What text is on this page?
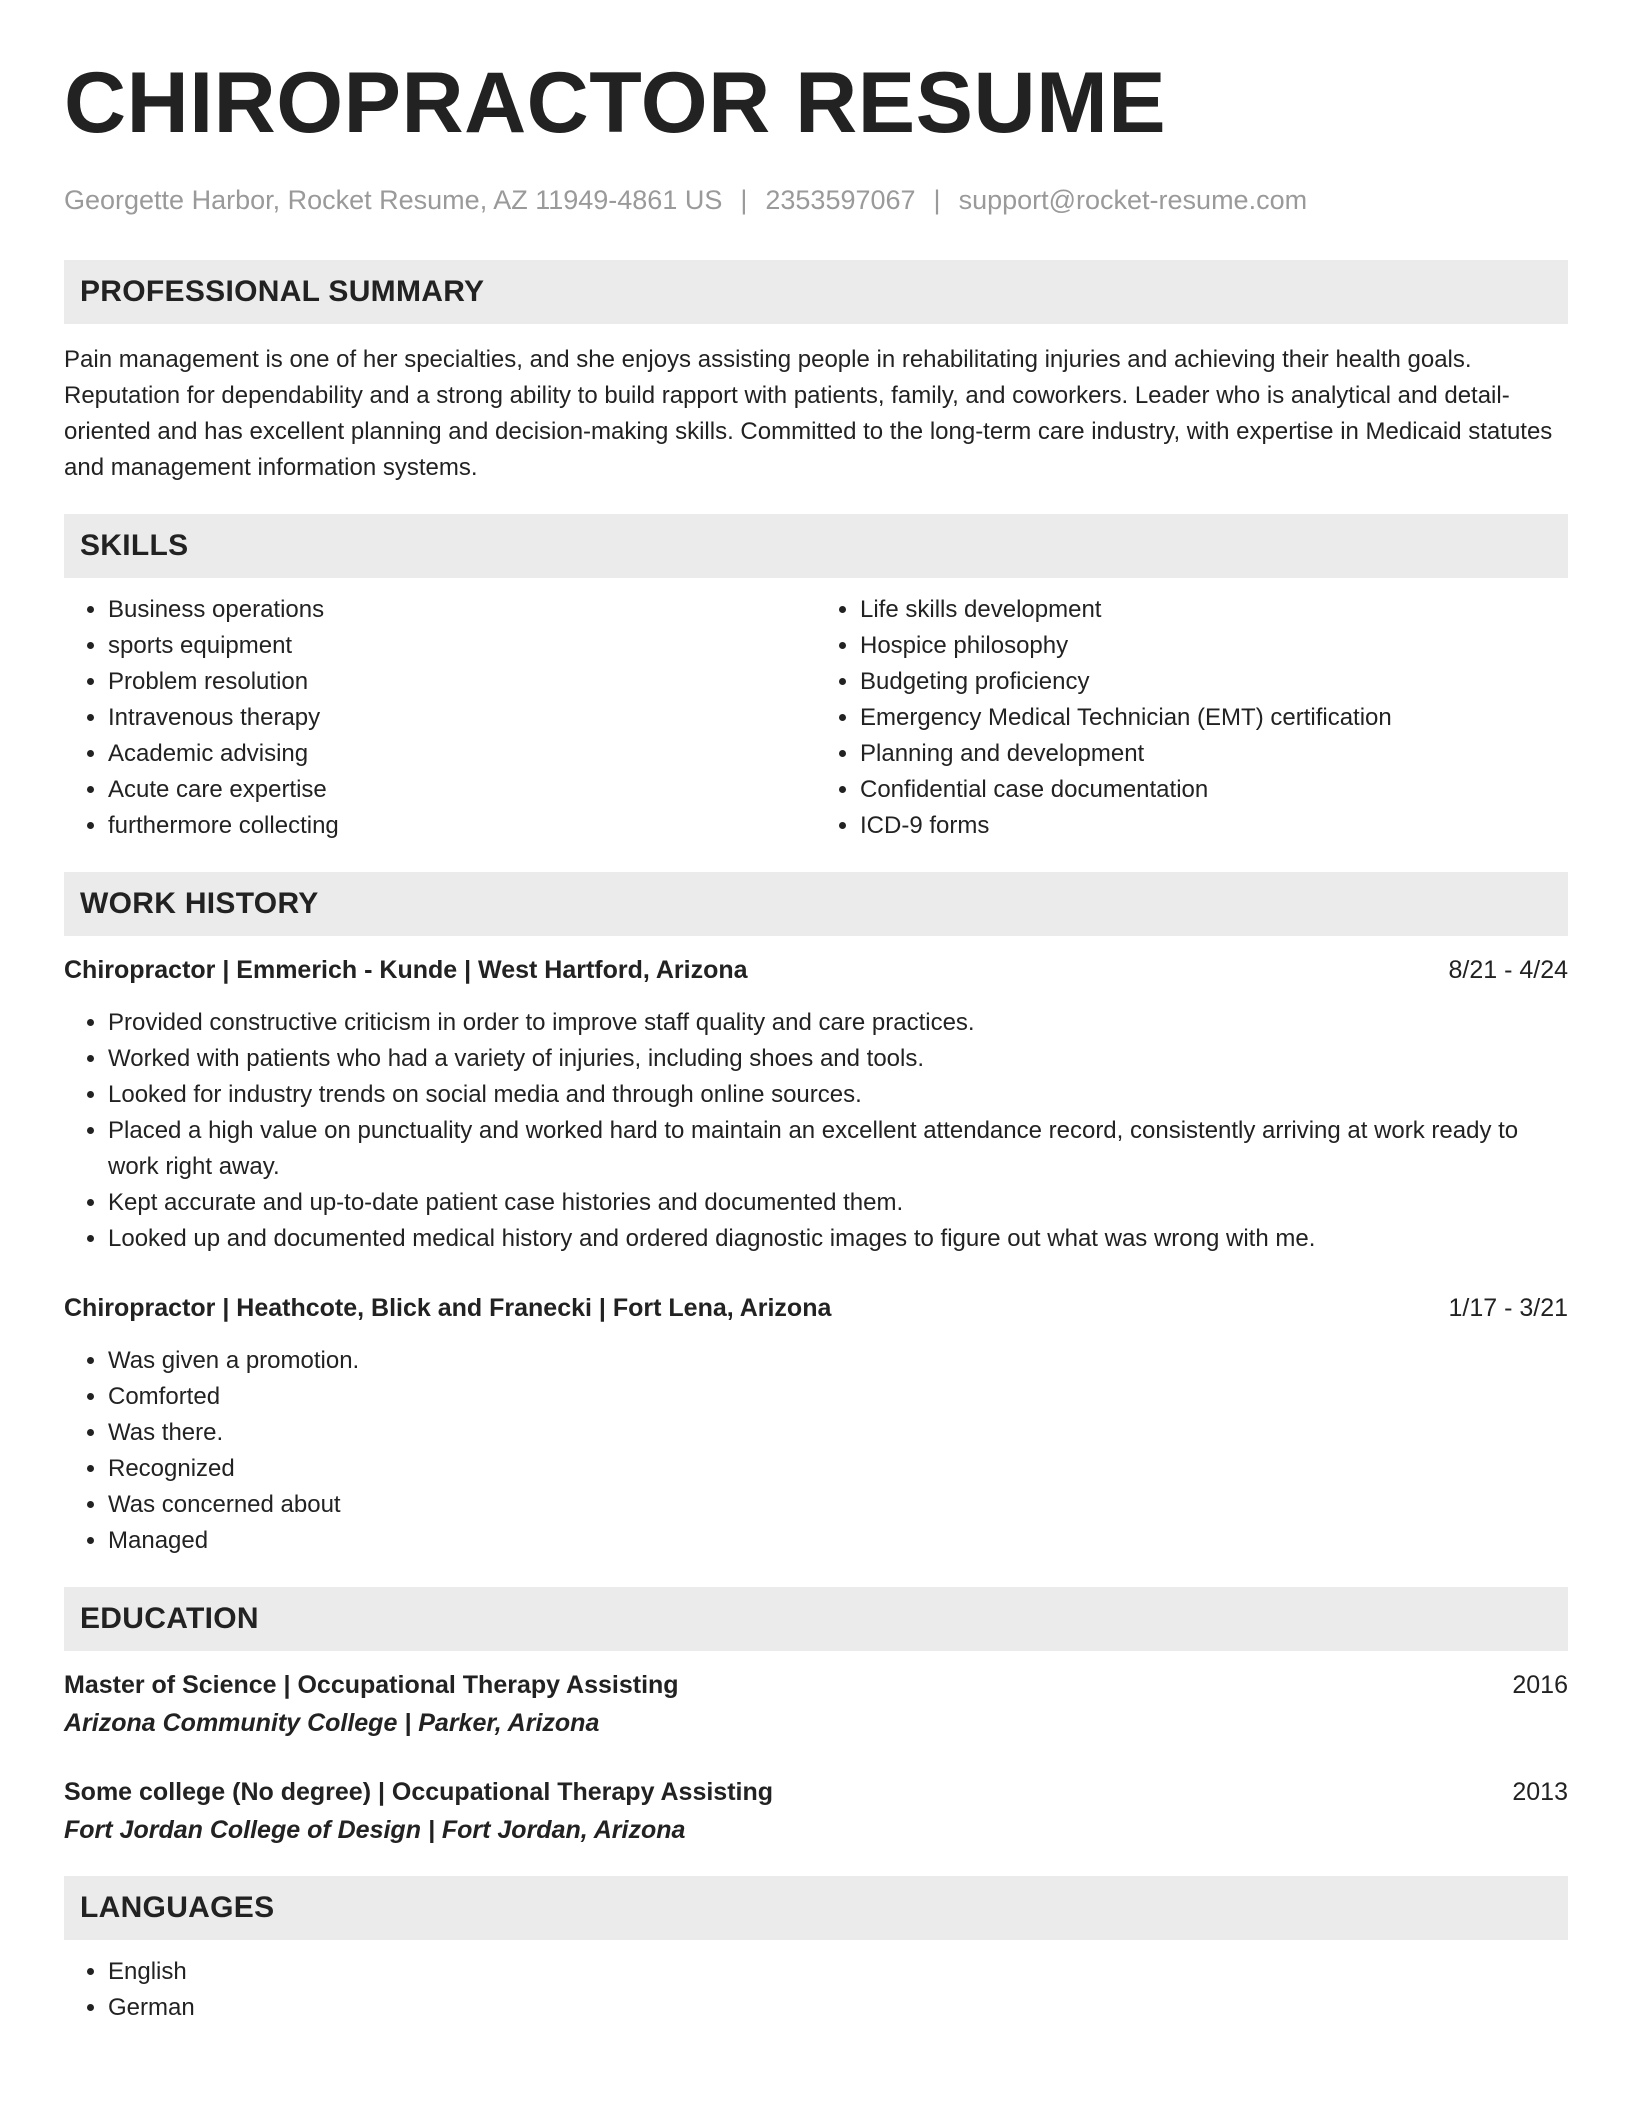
CHIROPRACTOR RESUME
Georgette Harbor, Rocket Resume, AZ 11949-4861 US | 2353597067 | support@rocket-resume.com
PROFESSIONAL SUMMARY

Pain management is one of her specialties, and she enjoys assisting people in rehabilitating injuries and achieving their health goals. Reputation for dependability and a strong ability to build rapport with patients, family, and coworkers. Leader who is analytical and detail-oriented and has excellent planning and decision-making skills. Committed to the long-term care industry, with expertise in Medicaid statutes and management information systems.

SKILLS
• Business operations
• sports equipment
• Problem resolution
• Intravenous therapy
• Academic advising
• Acute care expertise
• furthermore collecting
• Life skills development
• Hospice philosophy
• Budgeting proficiency
• Emergency Medical Technician (EMT) certification
• Planning and development
• Confidential case documentation
• ICD-9 forms
WORK HISTORY
Chiropractor | Emmerich - Kunde | West Hartford, Arizona	8/21 - 4/24
• Provided constructive criticism in order to improve staff quality and care practices.
• Worked with patients who had a variety of injuries, including shoes and tools.
• Looked for industry trends on social media and through online sources.
• Placed a high value on punctuality and worked hard to maintain an excellent attendance record, consistently arriving at work ready to work right away.
• Kept accurate and up-to-date patient case histories and documented them.
• Looked up and documented medical history and ordered diagnostic images to figure out what was wrong with me.
Chiropractor | Heathcote, Blick and Franecki | Fort Lena, Arizona	1/17 - 3/21
• Was given a promotion.
• Comforted
• Was there.
• Recognized
• Was concerned about
• Managed
EDUCATION
Master of Science | Occupational Therapy Assisting	2016
Arizona Community College | Parker, Arizona
Some college (No degree) | Occupational Therapy Assisting	2013
Fort Jordan College of Design | Fort Jordan, Arizona
LANGUAGES
• English
• German
